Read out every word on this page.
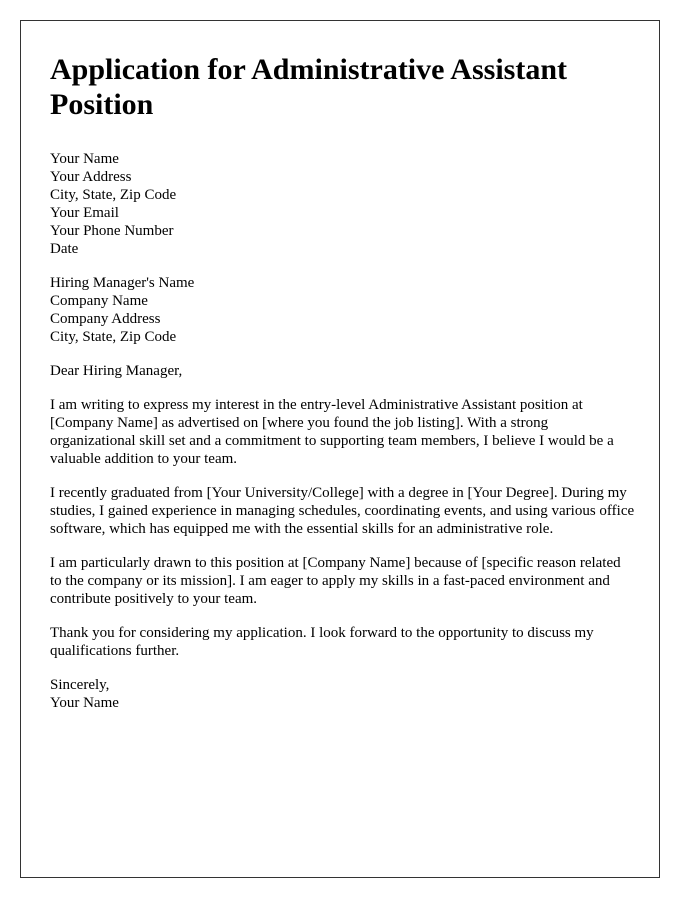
Application for Administrative Assistant Position
Your Name
Your Address
City, State, Zip Code
Your Email
Your Phone Number
Date
Hiring Manager's Name
Company Name
Company Address
City, State, Zip Code

Dear Hiring Manager,

I am writing to express my interest in the entry-level Administrative Assistant position at [Company Name] as advertised on [where you found the job listing]. With a strong organizational skill set and a commitment to supporting team members, I believe I would be a valuable addition to your team.

I recently graduated from [Your University/College] with a degree in [Your Degree]. During my studies, I gained experience in managing schedules, coordinating events, and using various office software, which has equipped me with the essential skills for an administrative role.

I am particularly drawn to this position at [Company Name] because of [specific reason related to the company or its mission]. I am eager to apply my skills in a fast-paced environment and contribute positively to your team.

Thank you for considering my application. I look forward to the opportunity to discuss my qualifications further.

Sincerely,
Your Name
